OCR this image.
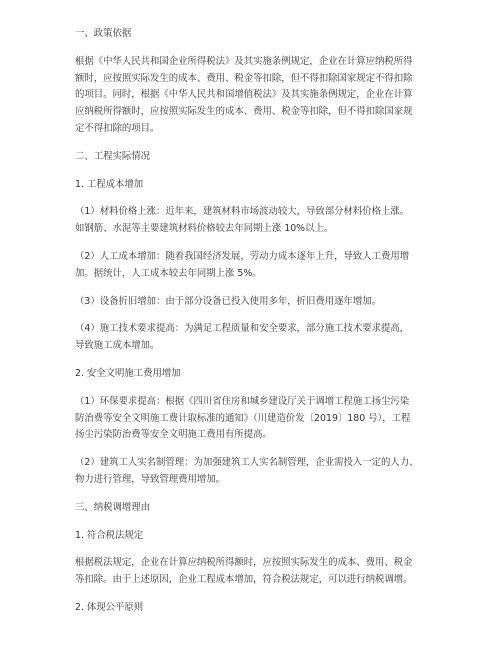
一、政策依据

根据《中华人民共和国企业所得税法》及其实施条例规定，企业在计算应纳税所得
额时，应按照实际发生的成本、费用、税金等扣除，但不得扣除国家规定不得扣除
的项目。同时，根据《中华人民共和国增值税法》及其实施条例规定，企业在计算
应纳税所得额时，应按照实际发生的成本、费用、税金等扣除，但不得扣除国家规
定不得扣除的项目。

二、工程实际情况

1. 工程成本增加

（1）材料价格上涨：近年来，建筑材料市场波动较大，导致部分材料价格上涨。
如钢筋、水泥等主要建筑材料价格较去年同期上涨 10%以上。

（2）人工成本增加：随着我国经济发展，劳动力成本逐年上升，导致人工费用增
加。据统计，人工成本较去年同期上涨 5%。

（3）设备折旧增加：由于部分设备已投入使用多年，折旧费用逐年增加。

（4）施工技术要求提高：为满足工程质量和安全要求，部分施工技术要求提高，
导致施工成本增加。

2. 安全文明施工费用增加

（1）环保要求提高：根据《四川省住房和城乡建设厅关于调增工程施工扬尘污染
防治费等安全文明施工费计取标准的通知》（川建造价发〔2019〕180 号），工程
扬尘污染防治费等安全文明施工费用有所提高。

（2）建筑工人实名制管理：为加强建筑工人实名制管理，企业需投入一定的人力、
物力进行管理，导致管理费用增加。

三、纳税调增理由

1. 符合税法规定

根据税法规定，企业在计算应纳税所得额时，应按照实际发生的成本、费用、税金
等扣除。由于上述原因，企业工程成本增加，符合税法规定，可以进行纳税调增。

2. 体现公平原则
